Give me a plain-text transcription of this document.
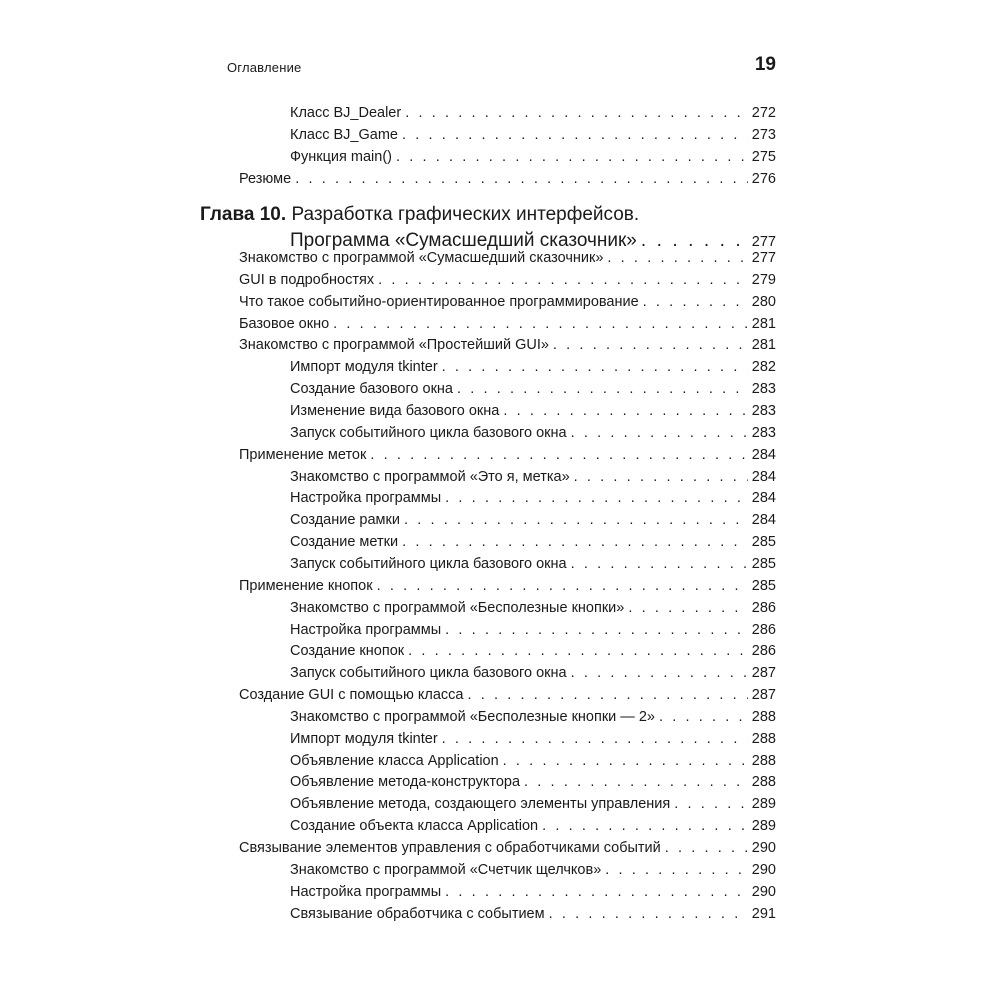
Оглавление	19
Класс BJ_Dealer . . .	272
Класс BJ_Game . . .	273
Функция main() . . .	275
Резюме . . .	276
Глава 10. Разработка графических интерфейсов.
Программа «Сумасшедший сказочник» . . .	277
Знакомство с программой «Сумасшедший сказочник» . . .	277
GUI в подробностях . . .	279
Что такое событийно-ориентированное программирование . . .	280
Базовое окно . . .	281
Знакомство с программой «Простейший GUI» . . .	281
Импорт модуля tkinter . . .	282
Создание базового окна . . .	283
Изменение вида базового окна . . .	283
Запуск событийного цикла базового окна . . .	283
Применение меток . . .	284
Знакомство с программой «Это я, метка» . . .	284
Настройка программы . . .	284
Создание рамки . . .	284
Создание метки . . .	285
Запуск событийного цикла базового окна . . .	285
Применение кнопок . . .	285
Знакомство с программой «Бесполезные кнопки» . . .	286
Настройка программы . . .	286
Создание кнопок . . .	286
Запуск событийного цикла базового окна . . .	287
Создание GUI с помощью класса . . .	287
Знакомство с программой «Бесполезные кнопки — 2» . . .	288
Импорт модуля tkinter . . .	288
Объявление класса Application . . .	288
Объявление метода-конструктора . . .	288
Объявление метода, создающего элементы управления . . .	289
Создание объекта класса Application . . .	289
Связывание элементов управления с обработчиками событий . . .	290
Знакомство с программой «Счетчик щелчков» . . .	290
Настройка программы . . .	290
Связывание обработчика с событием . . .	291
